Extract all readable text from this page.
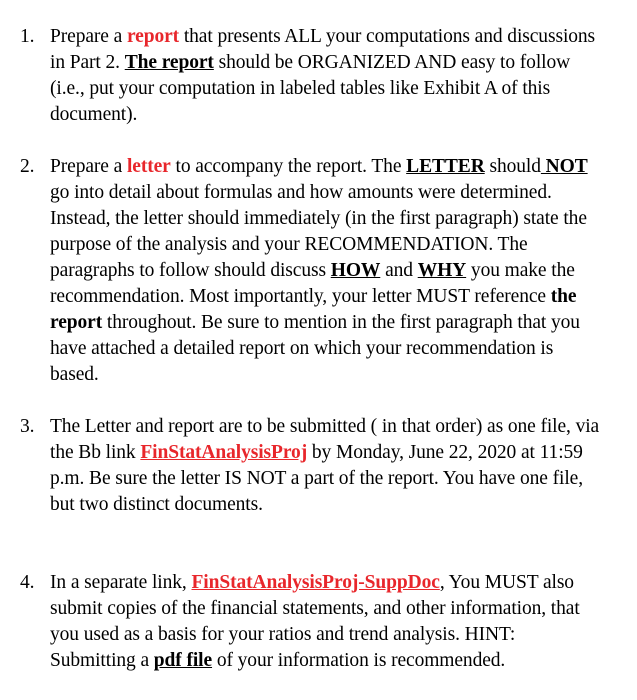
1. Prepare a report that presents ALL your computations and discussions in Part 2. The report should be ORGANIZED AND easy to follow (i.e., put your computation in labeled tables like Exhibit A of this document).
2. Prepare a letter to accompany the report. The LETTER should NOT go into detail about formulas and how amounts were determined. Instead, the letter should immediately (in the first paragraph) state the purpose of the analysis and your RECOMMENDATION. The paragraphs to follow should discuss HOW and WHY you make the recommendation. Most importantly, your letter MUST reference the report throughout. Be sure to mention in the first paragraph that you have attached a detailed report on which your recommendation is based.
3. The Letter and report are to be submitted ( in that order) as one file, via the Bb link FinStatAnalysisProj by Monday, June 22, 2020 at 11:59 p.m. Be sure the letter IS NOT a part of the report. You have one file, but two distinct documents.
4. In a separate link, FinStatAnalysisProj-SuppDoc, You MUST also submit copies of the financial statements, and other information, that you used as a basis for your ratios and trend analysis. HINT: Submitting a pdf file of your information is recommended.
